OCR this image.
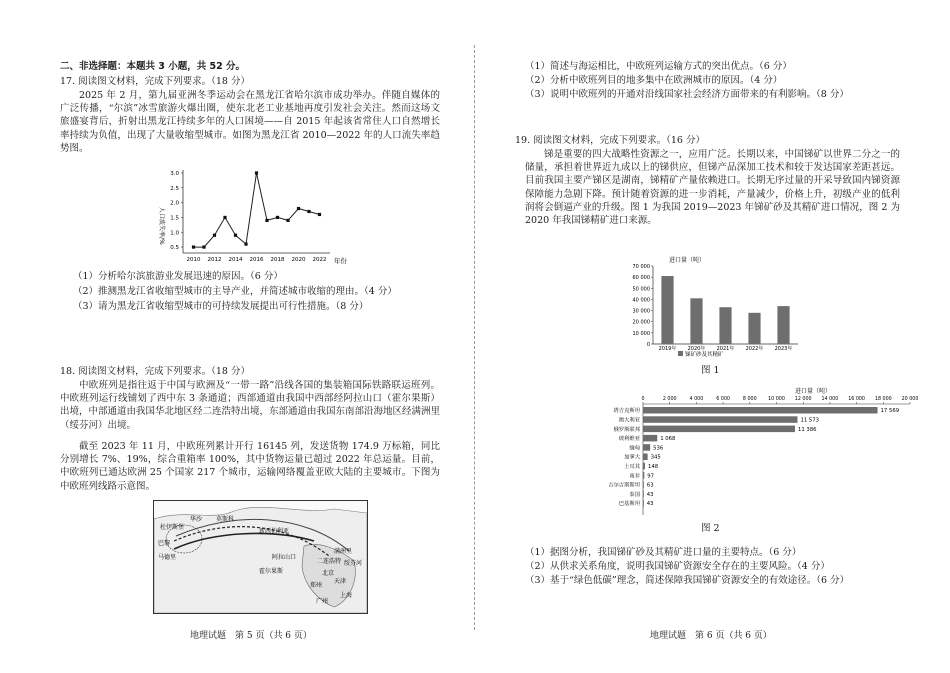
二、非选择题：本题共 3 小题，共 52 分。
17. 阅读图文材料，完成下列要求。（18 分）
2025 年 2 月，第九届亚洲冬季运动会在黑龙江省哈尔滨市成功举办。伴随自媒体的广泛传播，“尔滨”冰雪旅游火爆出圈，使东北老工业基地再度引发社会关注。然而这场文旅盛宴背后，折射出黑龙江持续多年的人口困境——自 2015 年起该省常住人口自然增长率持续为负值，出现了大量收缩型城市。如图为黑龙江省 2010—2022 年的人口流失率趋势图。
人口流失率/%
0.5
1.0
1.5
2.0
2.5
3.0
2010 2012 2014 2016 2018 2020 2022 年份
（1）分析哈尔滨旅游业发展迅速的原因。（6 分）
（2）推测黑龙江省收缩型城市的主导产业，并简述城市收缩的理由。（4 分）
（3）请为黑龙江省收缩型城市的可持续发展提出可行性措施。（8 分）
18. 阅读图文材料，完成下列要求。（18 分）
中欧班列是指往返于中国与欧洲及“一带一路”沿线各国的集装箱国际铁路联运班列。中欧班列运行线铺划了西中东 3 条通道；西部通道由我国中西部经阿拉山口（霍尔果斯）出境，中部通道由我国华北地区经二连浩特出境，东部通道由我国东南部沿海地区经满洲里（绥芬河）出境。
截至 2023 年 11 月，中欧班列累计开行 16145 列，发送货物 174.9 万标箱，同比分别增长 7%、19%，综合重箱率 100%，其中货物运量已超过 2022 年总运量。目前，中欧班列已通达欧洲 25 个国家 217 个城市，运输网络覆盖亚欧大陆的主要城市。下图为中欧班列线路示意图。
莫斯科
新西伯利亚
阿拉山口
霍尔果斯
满洲里
二连浩特 绥芬河
北京
天津
郑州
广州
上海
杜伊斯堡
华沙
巴黎
马德里
地理试题　第 5 页（共 6 页）
（1）简述与海运相比，中欧班列运输方式的突出优点。（6 分）
（2）分析中欧班列目的地多集中在欧洲城市的原因。（4 分）
（3）说明中欧班列的开通对沿线国家社会经济方面带来的有利影响。（8 分）
19. 阅读图文材料，完成下列要求。（16 分）
锑是重要的四大战略性资源之一，应用广泛。长期以来，中国锑矿以世界二分之一的储量，承担着世界近九成以上的锑供应，但锑产品深加工技术和较于发达国家差距甚远。目前我国主要产锑区是湖南，锑精矿产量依赖进口。长期无序过量的开采导致国内锑资源保障能力急剧下降。预计随着资源的进一步消耗，产量减少，价格上升，初级产业的低利润将会倒逼产业的升级。图 1 为我国 2019—2023 年锑矿砂及其精矿进口情况，图 2 为 2020 年我国锑精矿进口来源。
进口量（吨）
0
10 000
20 000
30 000
40 000
50 000
60 000
70 000
2019年 2020年 2021年 2022年 2023年
锑矿砂及其精矿
图 1
进口量（吨）
0	2 000	4 000	6 000	8 000 10 000 12 000 14 000 16 000 18 000 20 000
塔吉克斯坦	17 569
澳大利亚	11 573
俄罗斯联邦	11 386
玻利维亚	1 068
缅甸 536
加拿大 345
土耳其 148
南非 97
吉尔吉斯斯坦 63
泰国 43
巴基斯坦 43
图 2
（1）据图分析，我国锑矿砂及其精矿进口量的主要特点。（6 分）
（2）从供求关系角度，说明我国锑矿资源安全存在的主要风险。（4 分）
（3）基于“绿色低碳”理念，简述保障我国锑矿资源安全的有效途径。（6 分）
地理试题　第 6 页（共 6 页）
